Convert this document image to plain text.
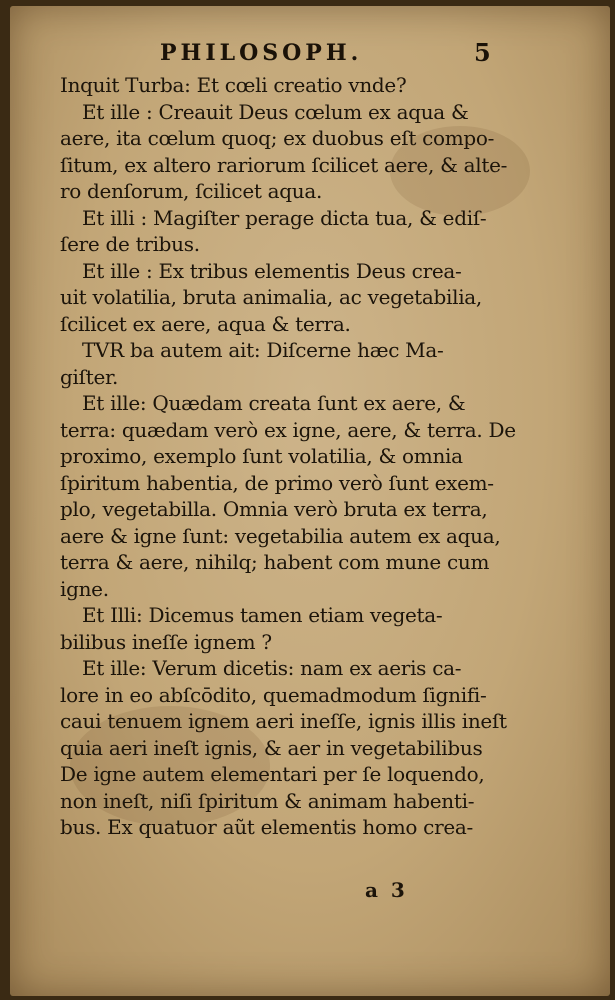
PHILOSOPH.	5
Inquit Turba: Et cœli creatio vnde?
Et ille : Creauit Deus cœlum ex aqua &
aere, ita cœlum quoq; ex duobus eſt compo-
ſitum, ex altero rariorum ſcilicet aere, & alte-
ro denſorum, ſcilicet aqua.
Et illi : Magiſter perage dicta tua, & ediſ-
ſere de tribus.
Et ille : Ex tribus elementis Deus crea-
uit volatilia, bruta animalia, ac vegetabilia,
ſcilicet ex aere, aqua & terra.
TVR ba autem ait: Diſcerne hæc Ma-
giſter.
Et ille: Quædam creata ſunt ex aere, &
terra: quædam verò ex igne, aere, & terra. De
proximo, exemplo ſunt volatilia, & omnia
ſpiritum habentia, de primo verò ſunt exem-
plo, vegetabilla. Omnia verò bruta ex terra,
aere & igne ſunt: vegetabilia autem ex aqua,
terra & aere, nihilq; habent com mune cum
igne.
Et Illi: Dicemus tamen etiam vegeta-
bilibus ineſſe ignem ?
Et ille: Verum dicetis: nam ex aeris ca-
lore in eo abſcōdito, quemadmodum ſignifi-
caui tenuem ignem aeri ineſſe, ignis illis ineſt
quia aeri ineſt ignis, & aer in vegetabilibus
De igne autem elementari per ſe loquendo,
non ineſt, niſi ſpiritum & animam habenti-
bus. Ex quatuor aũt elementis homo crea-
a 3
